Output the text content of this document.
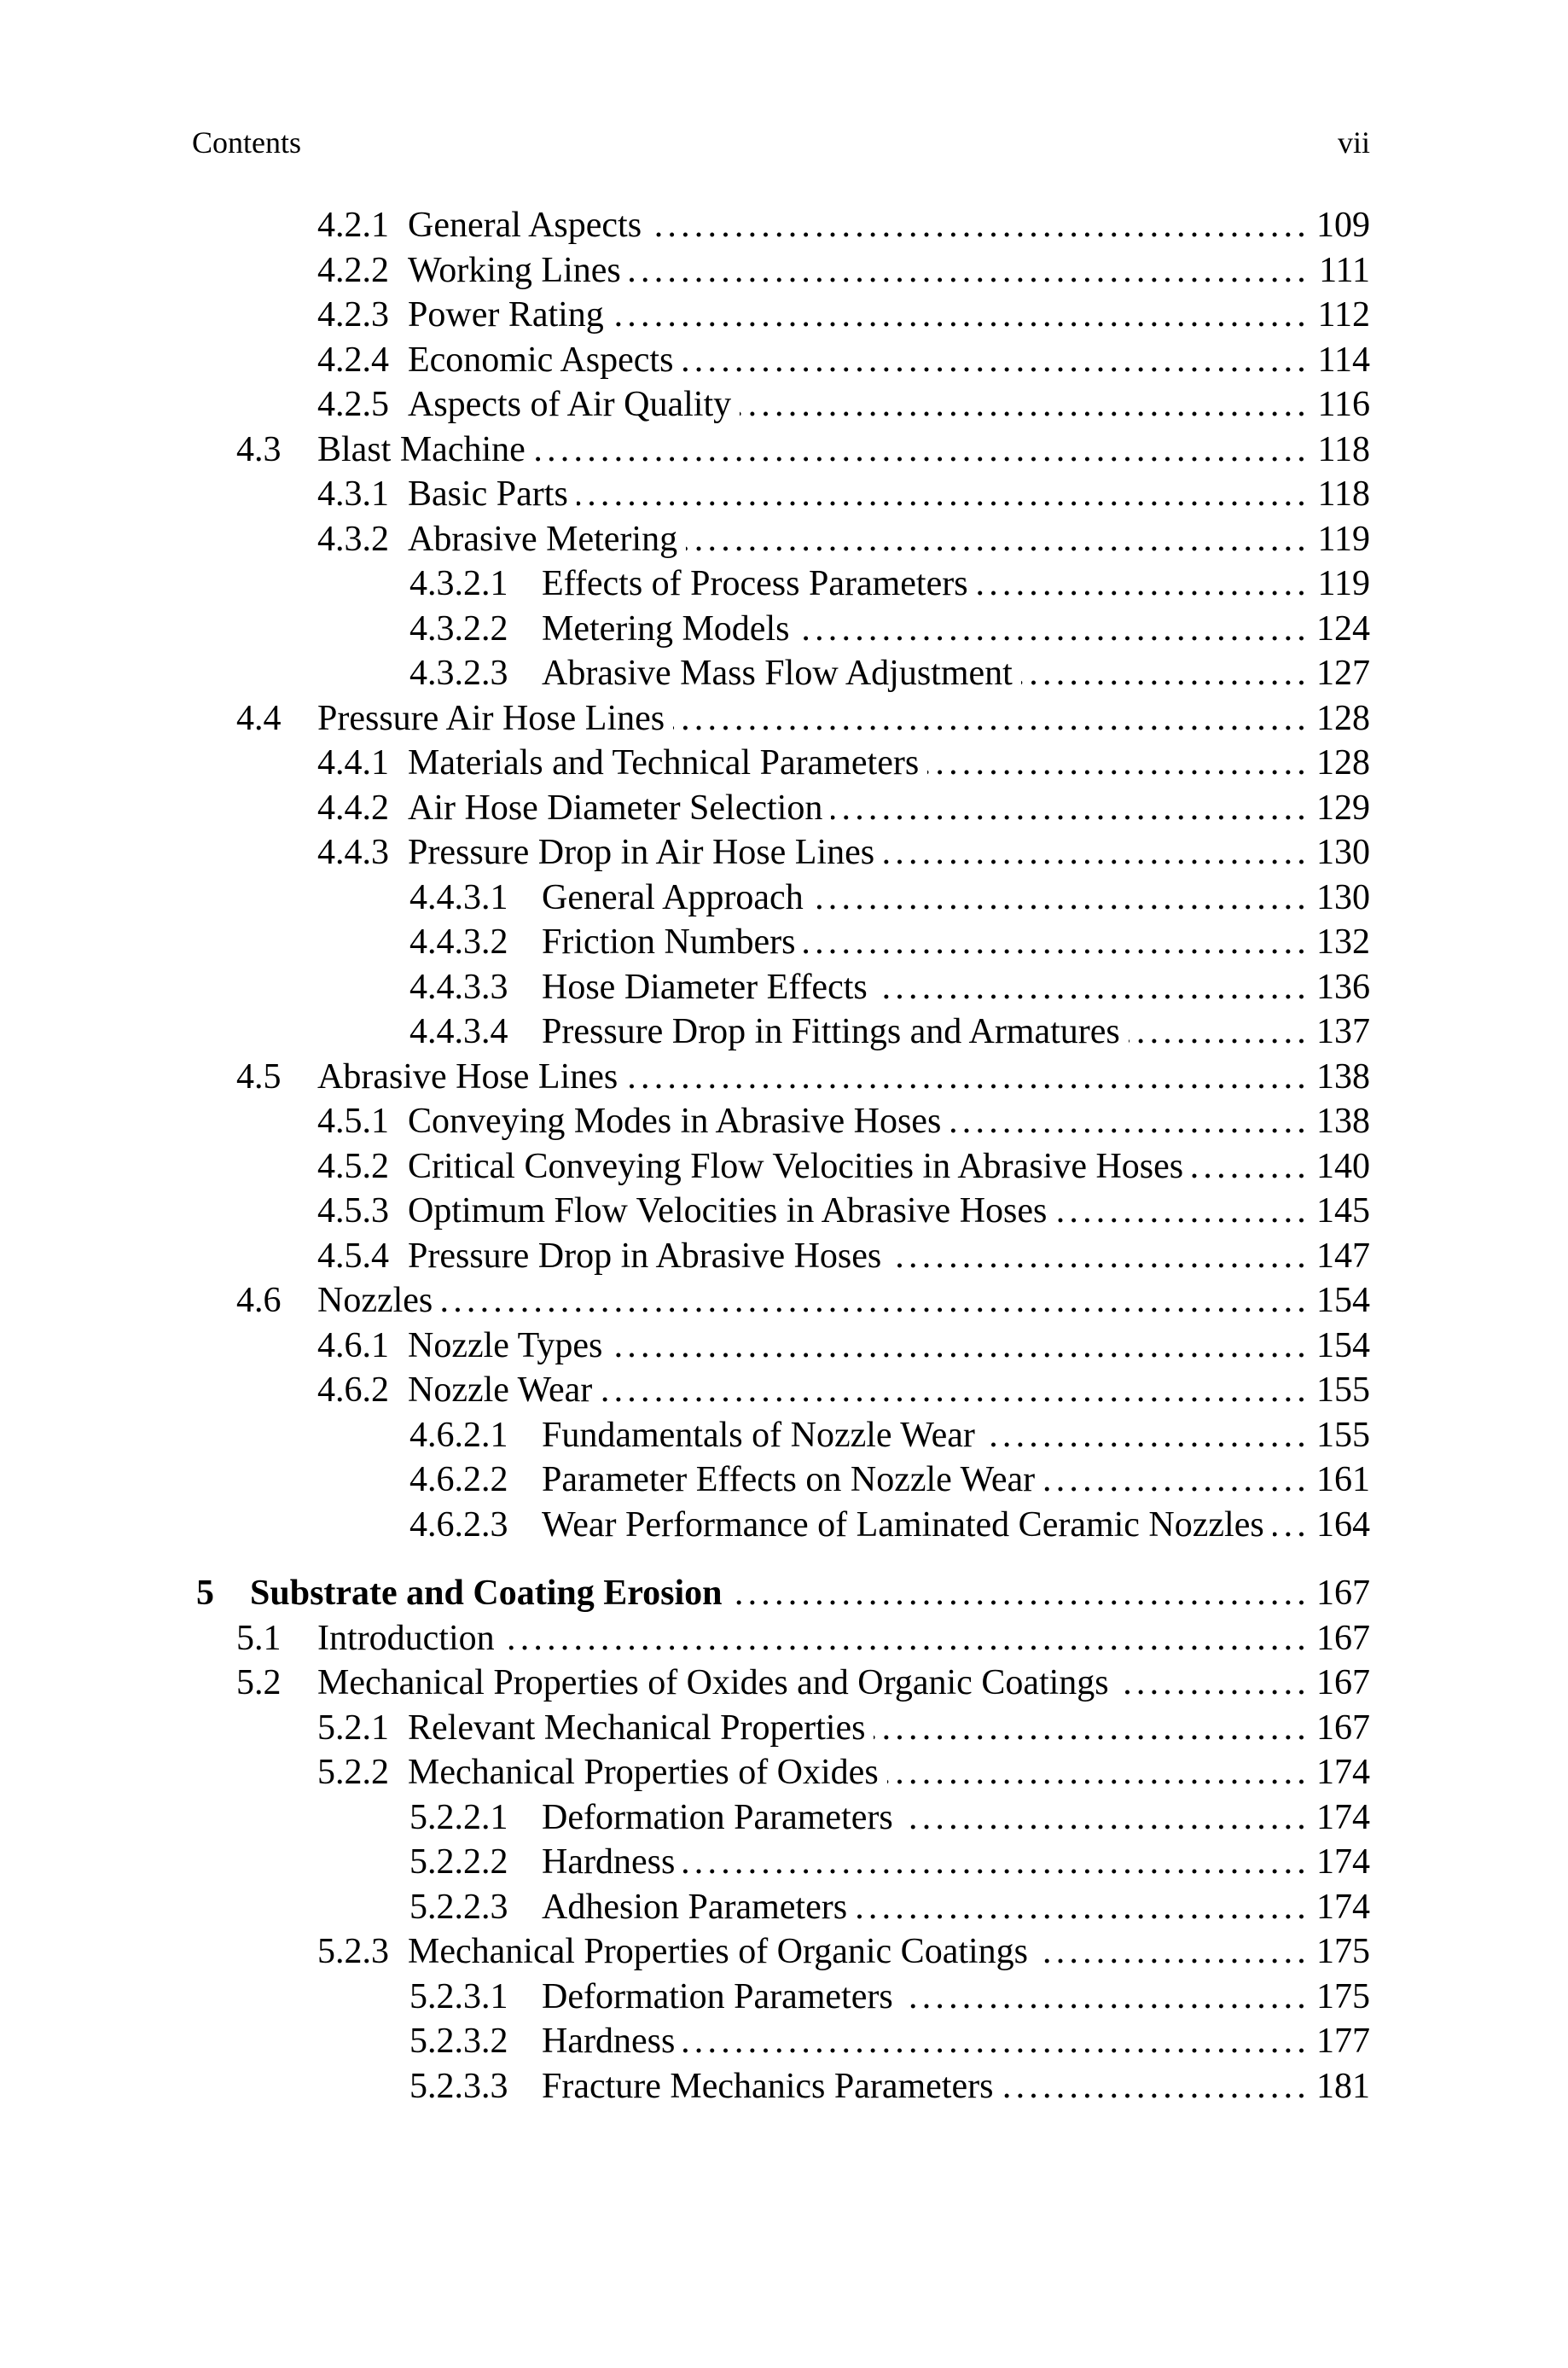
Contents	vii
4.2.1 General Aspects .....	109
4.2.2 Working Lines .....	111
4.2.3 Power Rating .....	112
4.2.4 Economic Aspects .....	114
4.2.5 Aspects of Air Quality .....	116
4.3	Blast Machine .....	118
4.3.1 Basic Parts .....	118
4.3.2 Abrasive Metering .....	119
4.3.2.1 Effects of Process Parameters .....	119
4.3.2.2 Metering Models .....	124
4.3.2.3 Abrasive Mass Flow Adjustment .....	127
4.4	Pressure Air Hose Lines .....	128
4.4.1 Materials and Technical Parameters .....	128
4.4.2 Air Hose Diameter Selection .....	129
4.4.3 Pressure Drop in Air Hose Lines .....	130
4.4.3.1 General Approach .....	130
4.4.3.2 Friction Numbers .....	132
4.4.3.3 Hose Diameter Effects .....	136
4.4.3.4 Pressure Drop in Fittings and Armatures .....	137
4.5	Abrasive Hose Lines .....	138
4.5.1 Conveying Modes in Abrasive Hoses .....	138
4.5.2 Critical Conveying Flow Velocities in Abrasive Hoses .....	140
4.5.3 Optimum Flow Velocities in Abrasive Hoses .....	145
4.5.4 Pressure Drop in Abrasive Hoses .....	147
4.6	Nozzles .....	154
4.6.1 Nozzle Types .....	154
4.6.2 Nozzle Wear .....	155
4.6.2.1 Fundamentals of Nozzle Wear .....	155
4.6.2.2 Parameter Effects on Nozzle Wear .....	161
4.6.2.3 Wear Performance of Laminated Ceramic Nozzles ..... 164
5	Substrate and Coating Erosion .....	167
5.1	Introduction .....	167
5.2	Mechanical Properties of Oxides and Organic Coatings .....	167
5.2.1 Relevant Mechanical Properties .....	167
5.2.2 Mechanical Properties of Oxides .....	174
5.2.2.1 Deformation Parameters .....	174
5.2.2.2 Hardness .....	174
5.2.2.3 Adhesion Parameters .....	174
5.2.3 Mechanical Properties of Organic Coatings .....	175
5.2.3.1 Deformation Parameters .....	175
5.2.3.2 Hardness .....	177
5.2.3.3 Fracture Mechanics Parameters .....	181
